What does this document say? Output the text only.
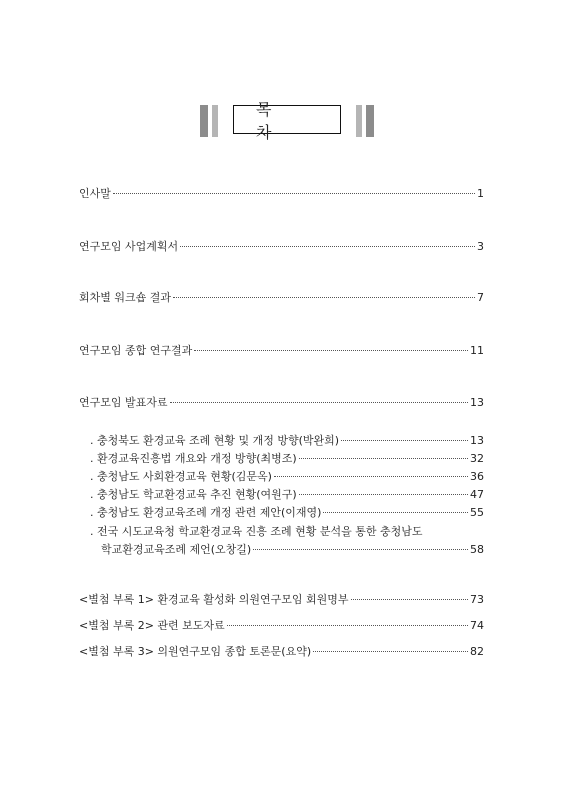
목 차
인사말	1
연구모임 사업계획서	3
회차별 워크숍 결과	7
연구모임 종합 연구결과	11
연구모임 발표자료	13
. 충청북도 환경교육 조례 현황 및 개정 방향(박완희)	13
. 환경교육진흥법 개요와 개정 방향(최병조)	32
. 충청남도 사회환경교육 현황(김문옥)	36
. 충청남도 학교환경교육 추진 현황(여원구)	47
. 충청남도 환경교육조례 개정 관련 제안(이재영)	55
. 전국 시도교육청 학교환경교육 진흥 조례 현황 분석을 통한 충청남도
학교환경교육조례 제언(오창길)	58
<별첨 부록 1> 환경교육 활성화 의원연구모임 회원명부	73
<별첨 부록 2> 관련 보도자료	74
<별첨 부록 3> 의원연구모임 종합 토론문(요약)	82
